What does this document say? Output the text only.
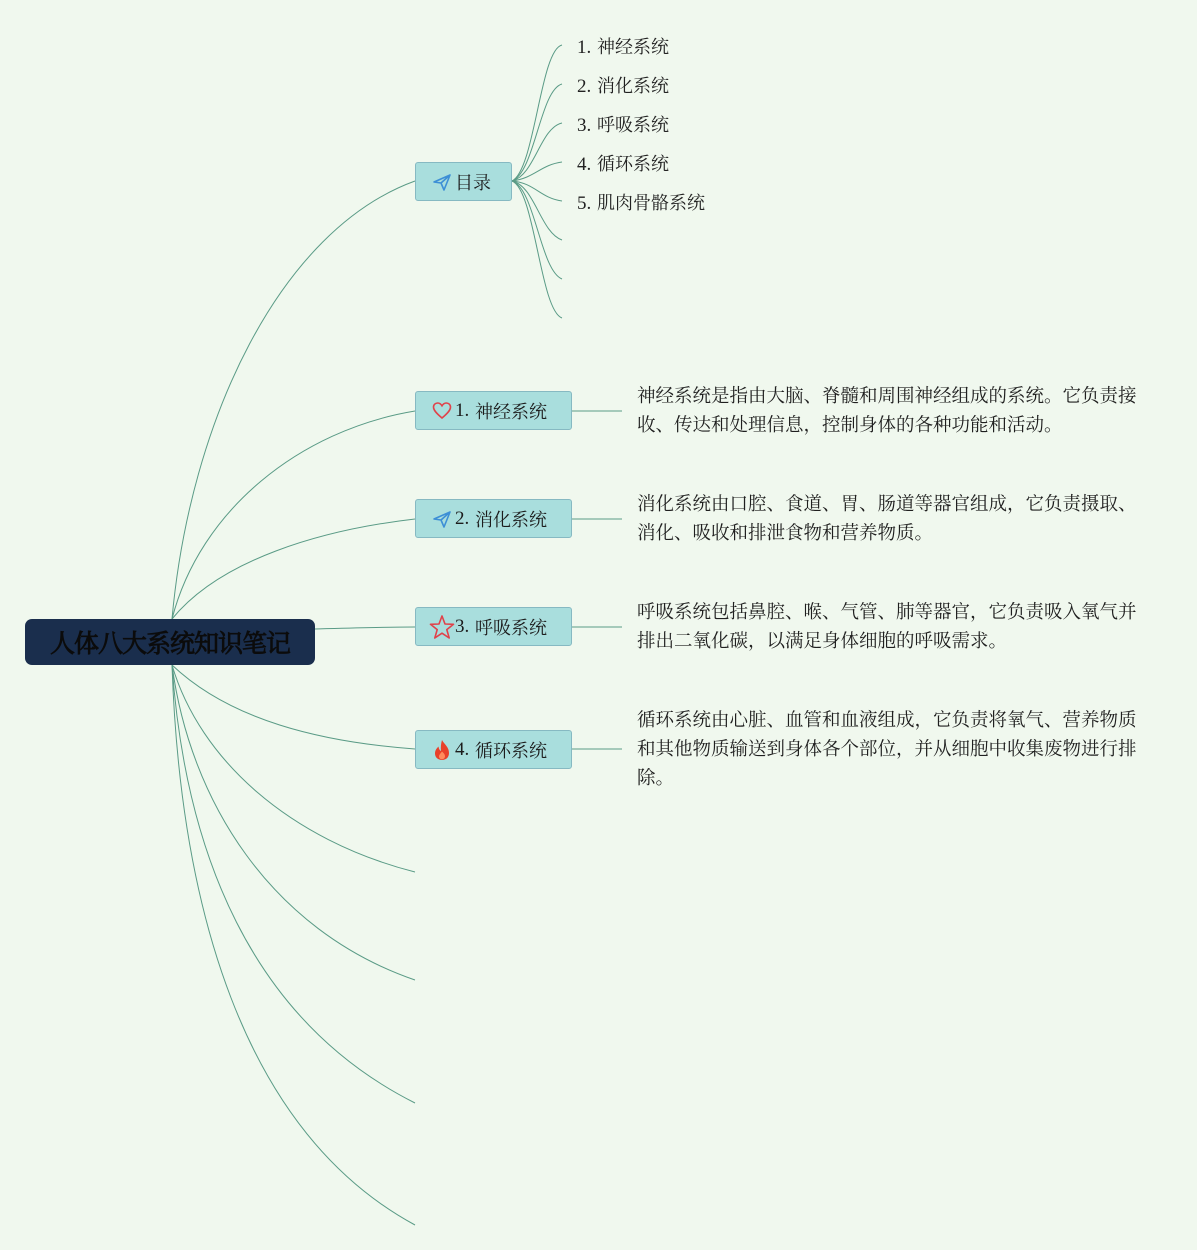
人体八大系统知识笔记
目录
1. 神经系统
2. 消化系统
3. 呼吸系统
4. 循环系统
5. 肌肉骨骼系统
1.
神经系统
神经系统是指由大脑、脊髓和周围神经组成的系统。它负责接收、传达和处理信息，控制身体的各种功能和活动。
2.
消化系统
消化系统由口腔、食道、胃、肠道等器官组成，它负责摄取、消化、吸收和排泄食物和营养物质。
3.
呼吸系统
呼吸系统包括鼻腔、喉、气管、肺等器官，它负责吸入氧气并排出二氧化碳，以满足身体细胞的呼吸需求。
4.
循环系统
循环系统由心脏、血管和血液组成，它负责将氧气、营养物质和其他物质输送到身体各个部位，并从细胞中收集废物进行排除。
